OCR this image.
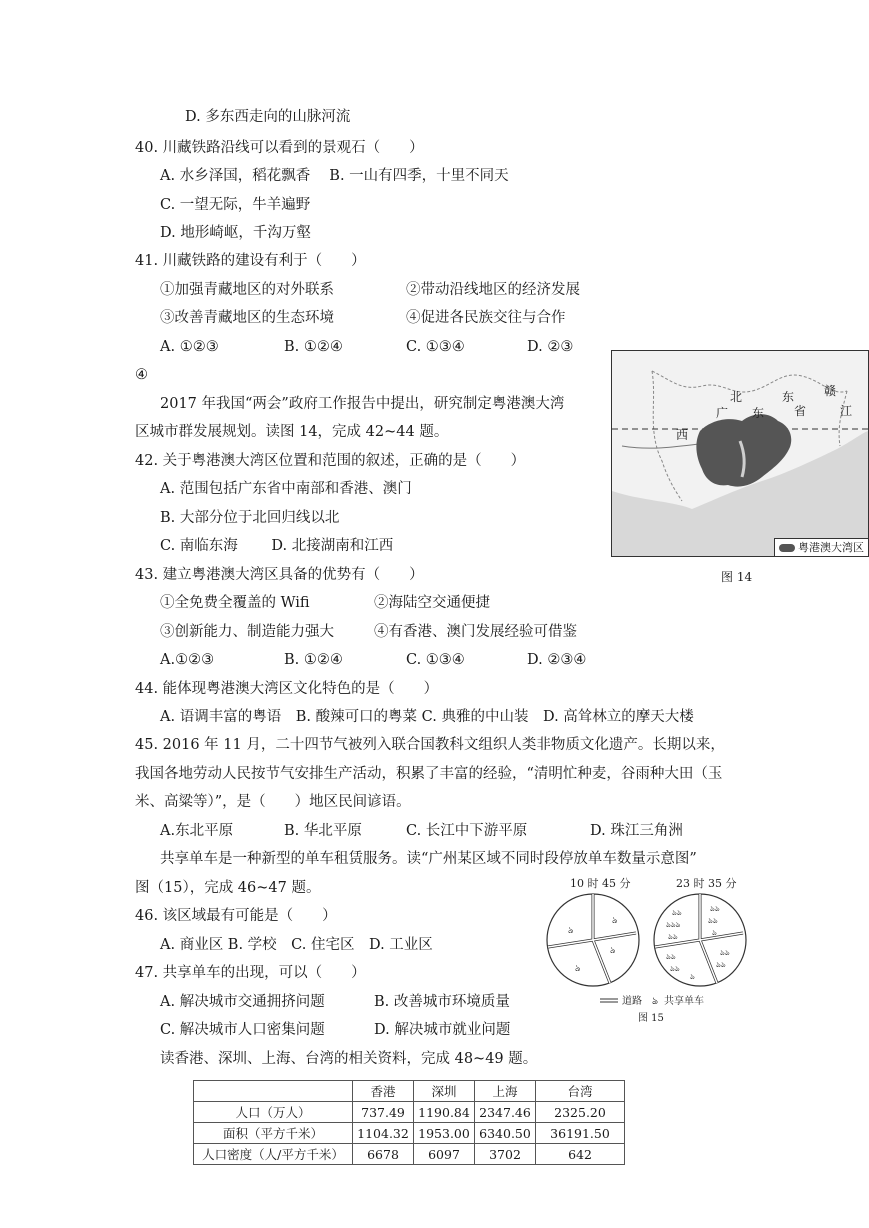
D. 多东西走向的山脉河流
40. 川藏铁路沿线可以看到的景观石（　　）
A. 水乡泽国，稻花飘香　 B. 一山有四季，十里不同天
C. 一望无际，牛羊遍野
D. 地形崎岖，千沟万壑
41. 川藏铁路的建设有利于（　　）
①加强青藏地区的对外联系	②带动沿线地区的经济发展
③改善青藏地区的生态环境	④促进各民族交往与合作
A. ①②③	B. ①②④	C. ①③④	D. ②③
④
2017 年我国“两会”政府工作报告中提出，研究制定粤港澳大湾
区城市群发展规划。读图 14，完成 42~44 题。
42. 关于粤港澳大湾区位置和范围的叙述，正确的是（　　）
A. 范围包括广东省中南部和香港、澳门
B. 大部分位于北回归线以北
C. 南临东海　　 D. 北接湖南和江西
43. 建立粤港澳大湾区具备的优势有（　　）
①全免费全覆盖的 Wifi	②海陆空交通便捷
③创新能力、制造能力强大	④有香港、澳门发展经验可借鉴
A.①②③	B. ①②④	C. ①③④	D. ②③④
44. 能体现粤港澳大湾区文化特色的是（　　）
A. 语调丰富的粤语　B. 酸辣可口的粤菜 C. 典雅的中山装　D. 高耸林立的摩天大楼
45. 2016 年 11 月，二十四节气被列入联合国教科文组织人类非物质文化遗产。长期以来，
我国各地劳动人民按节气安排生产活动，积累了丰富的经验，“清明忙种麦，谷雨种大田（玉
米、高粱等）”，是（　　）地区民间谚语。
A.东北平原	B. 华北平原	C. 长江中下游平原	D. 珠江三角洲
共享单车是一种新型的单车租赁服务。读“广州某区域不同时段停放单车数量示意图”
图（15），完成 46~47 题。
46. 该区域最有可能是（　　）
A. 商业区 B. 学校　C. 住宅区　D. 工业区
47. 共享单车的出现，可以（　　）
A. 解决城市交通拥挤问题	B. 改善城市环境质量
C. 解决城市人口密集问题	D. 解决城市就业问题
读香港、深圳、上海、台湾的相关资料，完成 48~49 题。
广 东 省	江
北	东 赣
西
粤港澳大湾区
图 14
10 时 45 分	23 时 35 分
ঌ
ঌ
ঌ
ঌ
ঌঌ
ঌঌঌ
ঌঌ
ঌঌ
ঌঌ
ঌ
ঌঌ
ঌঌ
ঌঌ
ঌঌ
ঌ
道路 ঌ 共享单车
图 15
	香港	深圳	上海	台湾
人口（万人）	737.49	1190.84	2347.46	2325.20
面积（平方千米）	1104.32	1953.00	6340.50	36191.50
人口密度（人/平方千米）	6678	6097	3702	642
